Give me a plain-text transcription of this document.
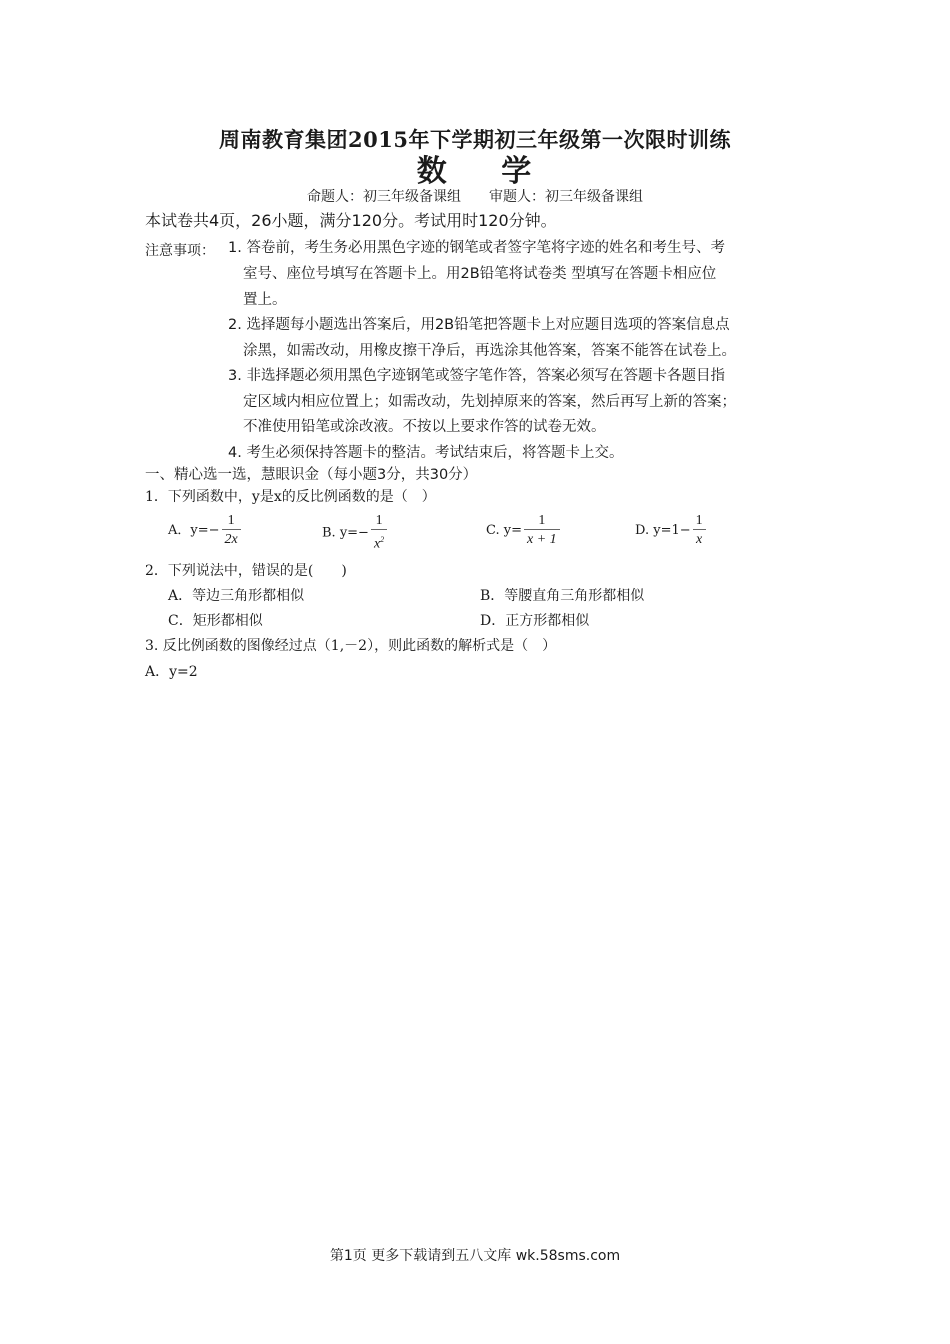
周南教育集团2015年下学期初三年级第一次限时训练
数 学
命题人：初三年级备课组　　审题人：初三年级备课组
本试卷共4页，26小题，满分120分。考试用时120分钟。
注意事项： 1. 答卷前，考生务必用黑色字迹的钢笔或者签字笔将字迹的姓名和考生号、考
室号、座位号填写在答题卡上。用2B铅笔将试卷类 型填写在答题卡相应位
置上。
2. 选择题每小题选出答案后，用2B铅笔把答题卡上对应题目选项的答案信息点
涂黑，如需改动，用橡皮擦干净后，再选涂其他答案，答案不能答在试卷上。
3. 非选择题必须用黑色字迹钢笔或签字笔作答，答案必须写在答题卡各题目指
定区域内相应位置上；如需改动，先划掉原来的答案，然后再写上新的答案；
不准使用铅笔或涂改液。不按以上要求作答的试卷无效。
4. 考生必须保持答题卡的整洁。考试结束后，将答题卡上交。
一、精心选一选，慧眼识金（每小题3分，共30分）
1．下列函数中，y是x的反比例函数的是（　）
A．$y=- \frac{1}{2x}$	B. $y=- \frac{1}{x^2}$	C. $y= \frac{1}{x + 1}$	D. $y=1- \frac{1}{x}$
2．下列说法中，错误的是(　　)
A．等边三角形都相似	B．等腰直角三角形都相似
C．矩形都相似	D．正方形都相似
3. 反比例函数的图像经过点（1,－2），则此函数的解析式是（　）
A．y=2
第1页 更多下载请到五八文库 wk.58sms.com
